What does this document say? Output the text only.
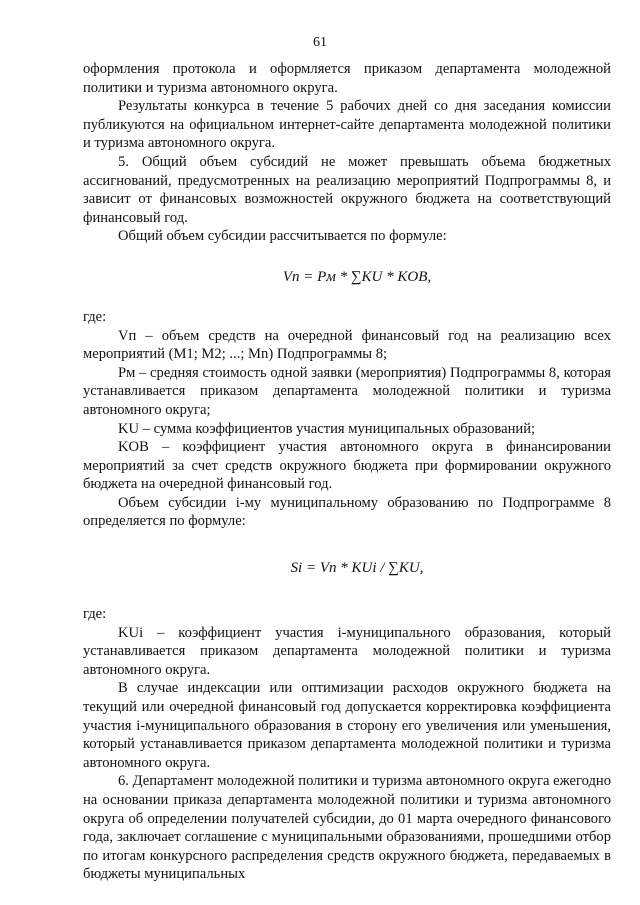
61

оформления протокола и оформляется приказом департамента молодежной политики и туризма автономного округа.

Результаты конкурса в течение 5 рабочих дней со дня заседания комиссии публикуются на официальном интернет-сайте департамента молодежной политики и туризма автономного округа.

5. Общий объем субсидий не может превышать объема бюджетных ассигнований, предусмотренных на реализацию мероприятий Подпрограммы 8, и зависит от финансовых возможностей окружного бюджета на соответствующий финансовый год.

Общий объем субсидии рассчитывается по формуле:

Vп = Pм * ∑KU * KOB,

где:

Vп – объем средств на очередной финансовый год на реализацию всех мероприятий (M1; M2; ...; Mn) Подпрограммы 8;

Pм – средняя стоимость одной заявки (мероприятия) Подпрограммы 8, которая устанавливается приказом департамента молодежной политики и туризма автономного округа;

KU – сумма коэффициентов участия муниципальных образований;

KOB – коэффициент участия автономного округа в финансировании мероприятий за счет средств окружного бюджета при формировании окружного бюджета на очередной финансовый год.

Объем субсидии i-му муниципальному образованию по Подпрограмме 8 определяется по формуле:

Si = Vп * KUi / ∑KU,

где:

KUi – коэффициент участия i-муниципального образования, который устанавливается приказом департамента молодежной политики и туризма автономного округа.

В случае индексации или оптимизации расходов окружного бюджета на текущий или очередной финансовый год допускается корректировка коэффициента участия i-муниципального образования в сторону его увеличения или уменьшения, который устанавливается приказом департамента молодежной политики и туризма автономного округа.

6. Департамент молодежной политики и туризма автономного округа ежегодно на основании приказа департамента молодежной политики и туризма автономного округа об определении получателей субсидии, до 01 марта очередного финансового года, заключает соглашение с муниципальными образованиями, прошедшими отбор по итогам конкурсного распределения средств окружного бюджета, передаваемых в бюджеты муниципальных
